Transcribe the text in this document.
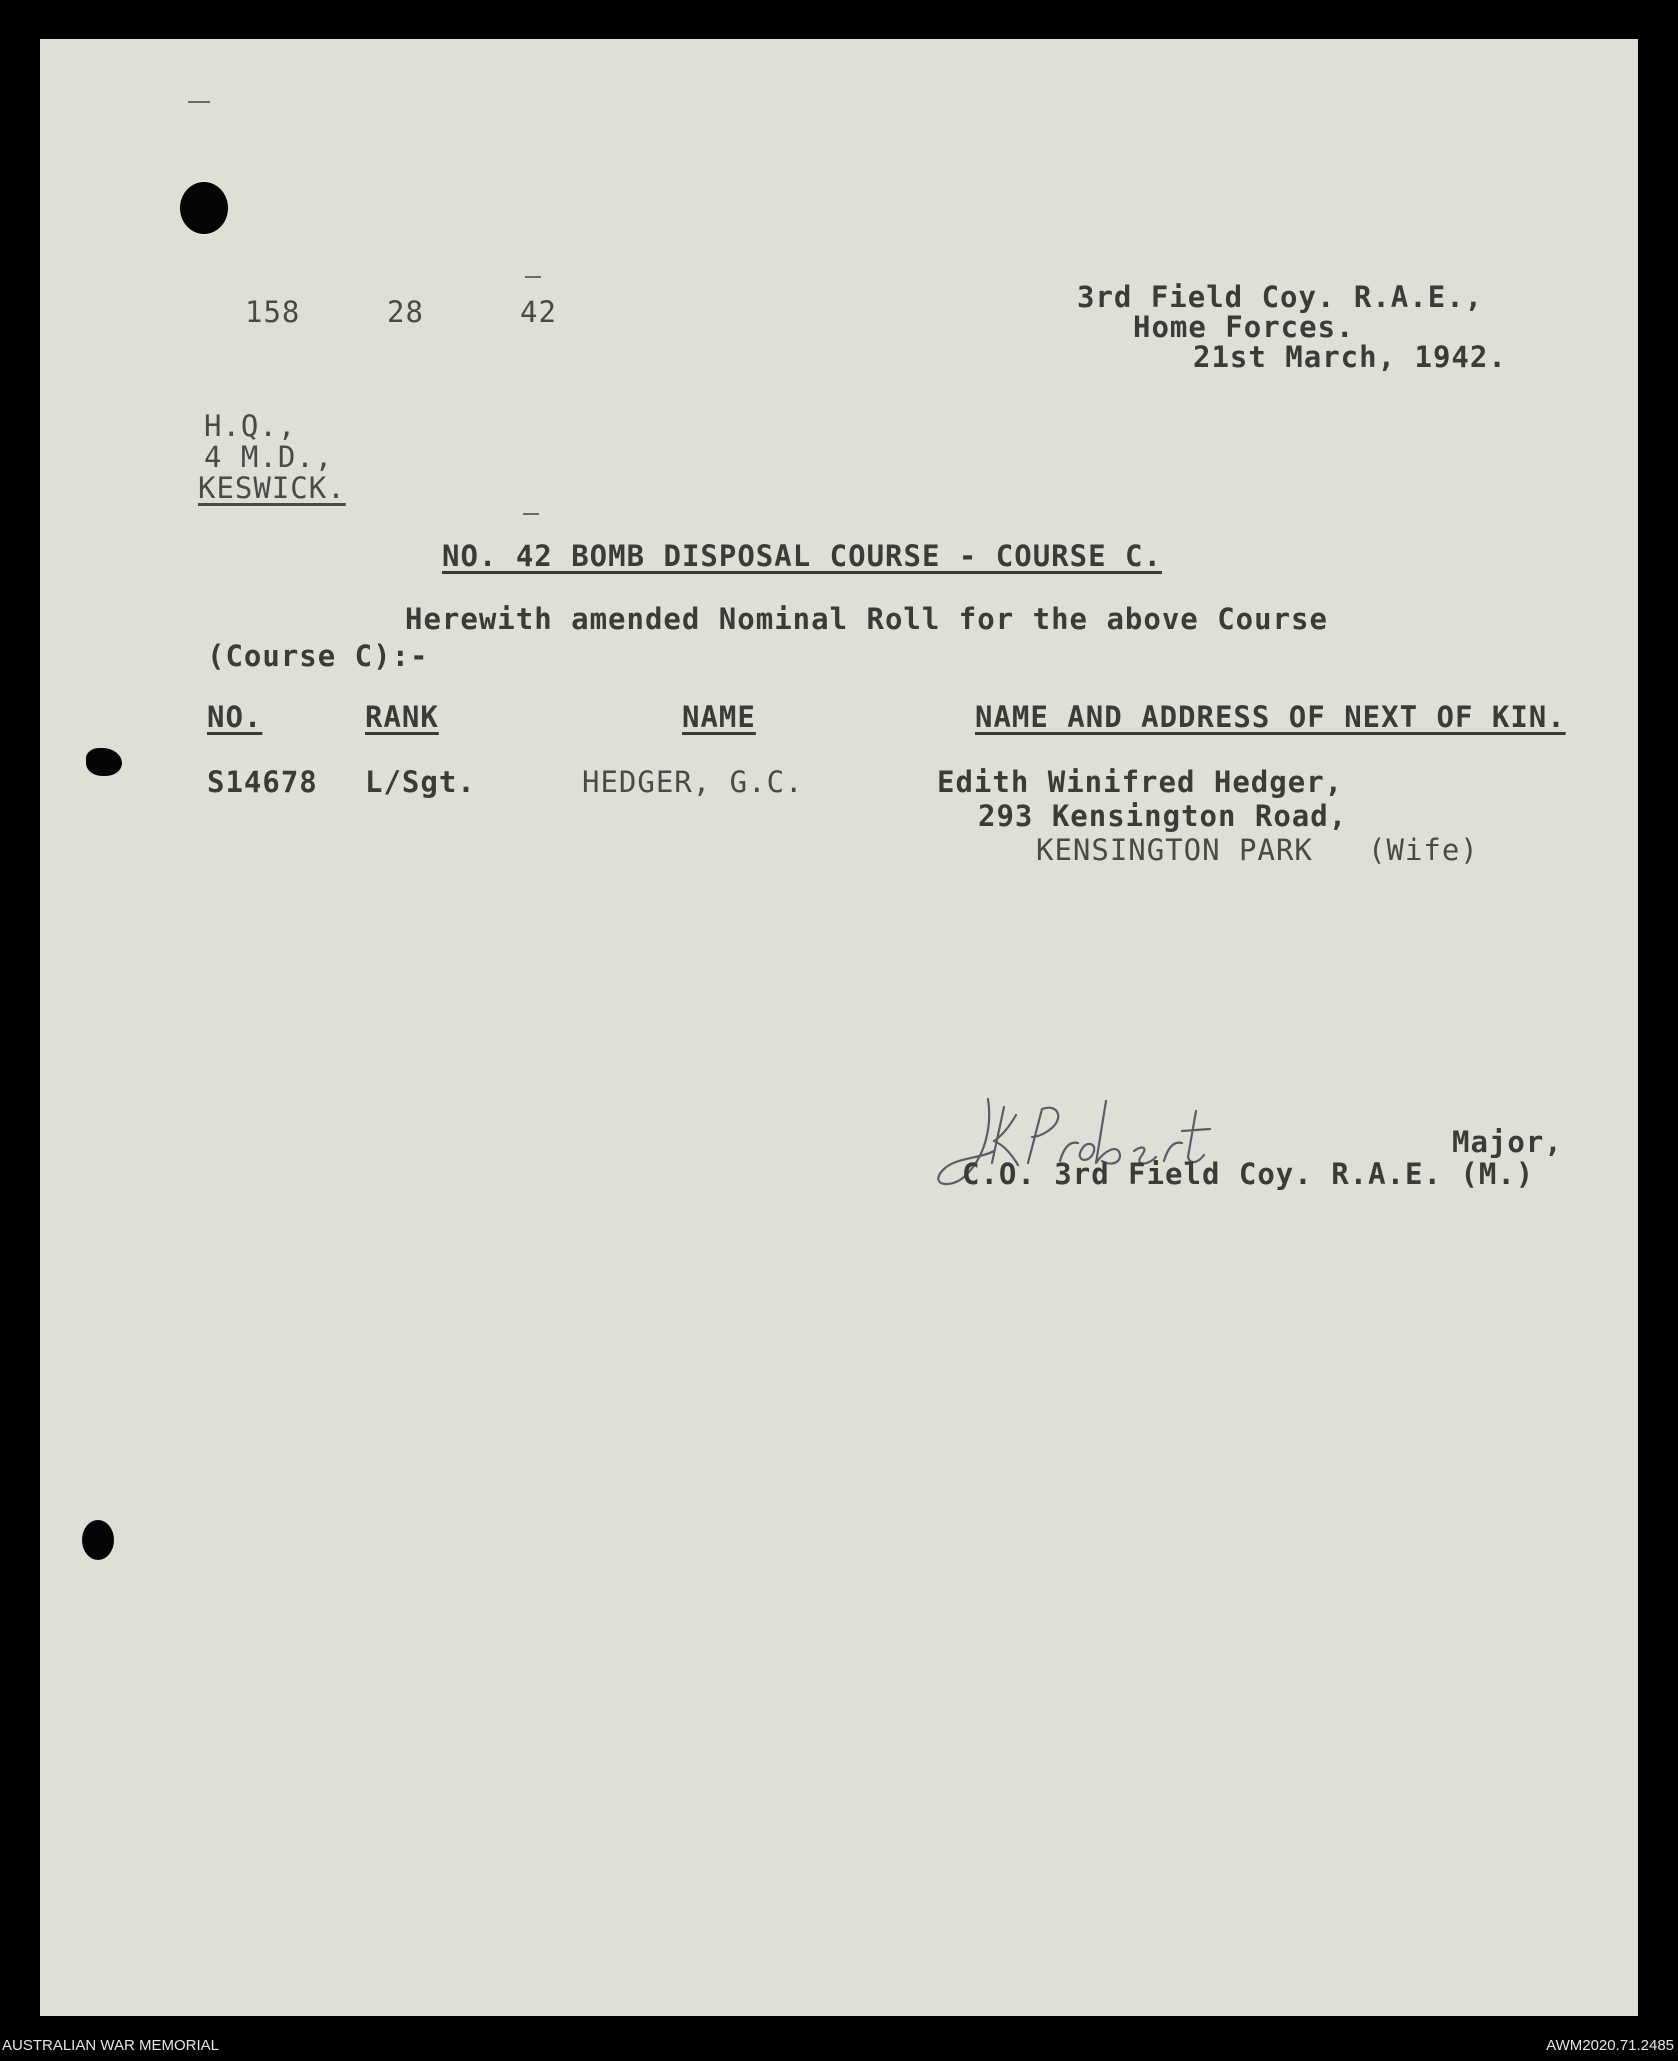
158	28	42	3rd Field Coy. R.A.E.,
Home Forces.
21st March, 1942.
H.Q.,
4 M.D.,
KESWICK.
NO. 42 BOMB DISPOSAL COURSE - COURSE C.
Herewith amended Nominal Roll for the above Course
(Course C):-
NO.	RANK	NAME	NAME AND ADDRESS OF NEXT OF KIN.
S14678 L/Sgt.	HEDGER, G.C.	Edith Winifred Hedger,
293 Kensington Road,
KENSINGTON PARK (Wife)
Major,
C.O. 3rd Field Coy. R.A.E. (M.)
AUSTRALIAN WAR MEMORIAL	AWM2020.71.2485
